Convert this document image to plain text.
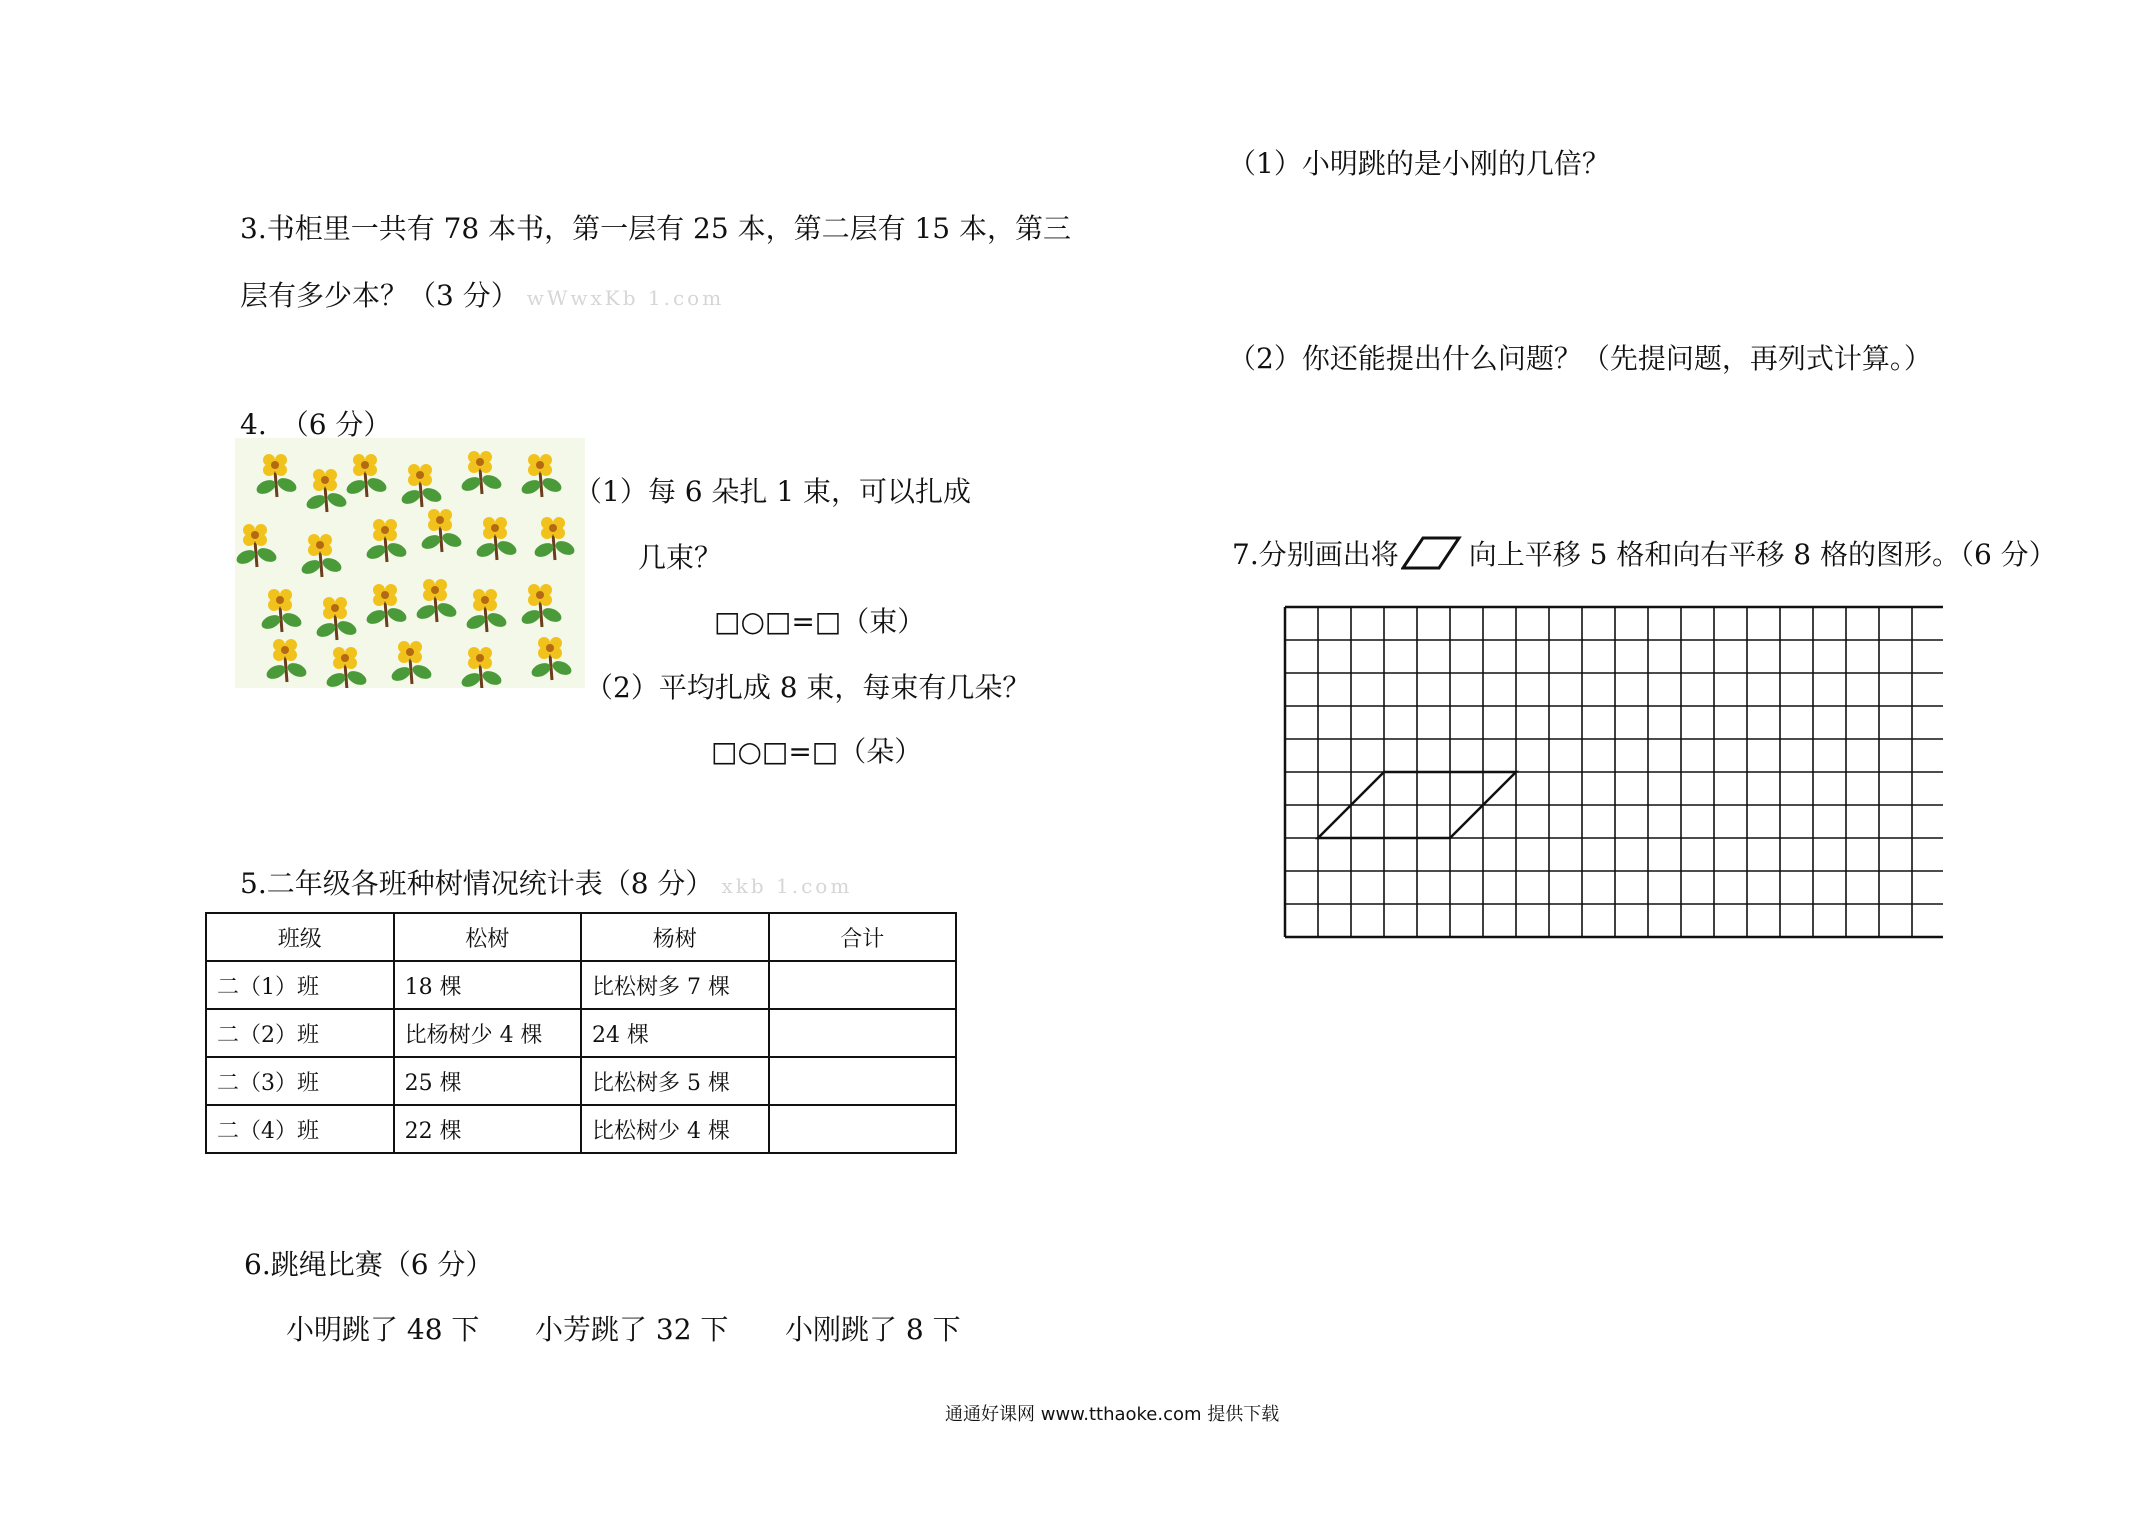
3.书柜里一共有 78 本书，第一层有 25 本，第二层有 15 本，第三
层有多少本？（3 分） wWwxKb 1.com
4.　（6 分）
（1）每 6 朵扎 1 束，可以扎成
几束？
□○□=□（束）
（2）平均扎成 8 束，每束有几朵？
□○□=□（朵）
5.二年级各班种树情况统计表（8 分） xkb 1.com
班级	松树	杨树	合计
二（1）班	18 棵	比松树多 7 棵	
二（2）班	比杨树少 4 棵	24 棵	
二（3）班	25 棵	比松树多 5 棵	
二（4）班	22 棵	比松树少 4 棵	
6.跳绳比赛（6 分）
小明跳了 48 下 小芳跳了 32 下 小刚跳了 8 下
（1）小明跳的是小刚的几倍？
（2）你还能提出什么问题？（先提问题，再列式计算。）
7.分别画出将	向上平移 5 格和向右平移 8 格的图形。（6 分）
通通好课网 www.tthaoke.com 提供下载
